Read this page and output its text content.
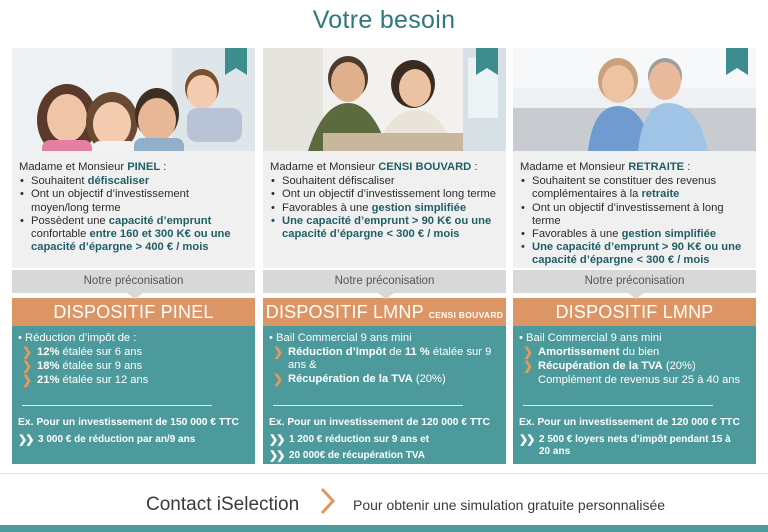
Votre besoin
Madame et Monsieur PINEL :
• Souhaitent défiscaliser
• Ont un objectif d’investissement moyen/long terme
• Possèdent une capacité d’emprunt confortable entre 160 et 300 K€ ou une capacité d’épargne > 400 € / mois
Notre préconisation
DISPOSITIF PINEL
• Réduction d’impôt de :
❯ 12% étalée sur 6 ans
❯ 18% étalée sur 9 ans
❯ 21% étalée sur 12 ans
Ex. Pour un investissement de 150 000 € TTC
❯❯ 3 000 € de réduction par an/9 ans
Madame et Monsieur CENSI BOUVARD :
• Souhaitent défiscaliser
• Ont un objectif d’investissement long terme
• Favorables à une gestion simplifiée
• Une capacité d’emprunt > 90 K€ ou une capacité d’épargne < 300 € / mois
Notre préconisation
DISPOSITIF LMNP CENSI BOUVARD
• Bail Commercial 9 ans mini
❯ Réduction d’Impôt de 11 % étalée sur 9 ans &
❯ Récupération de la TVA (20%)
Ex. Pour un investissement de 120 000 € TTC
❯❯ 1 200 € réduction sur 9 ans et
❯❯ 20 000€ de récupération TVA
Madame et Monsieur RETRAITE :
• Souhaitent se constituer des revenus complémentaires à la retraite
• Ont un objectif d’investissement à long terme
• Favorables à une gestion simplifiée
• Une capacité d’emprunt > 90 K€ ou une capacité d’épargne < 300 € / mois
Notre préconisation
DISPOSITIF LMNP
• Bail Commercial 9 ans mini
❯ Amortissement du bien
❯ Récupération de la TVA (20%)
Complément de revenus sur 25 à 40 ans
Ex. Pour un investissement de 120 000 € TTC
❯❯ 2 500 € loyers nets d’impôt pendant 15 à 20 ans
Contact iSelection	Pour obtenir une simulation gratuite personnalisée
